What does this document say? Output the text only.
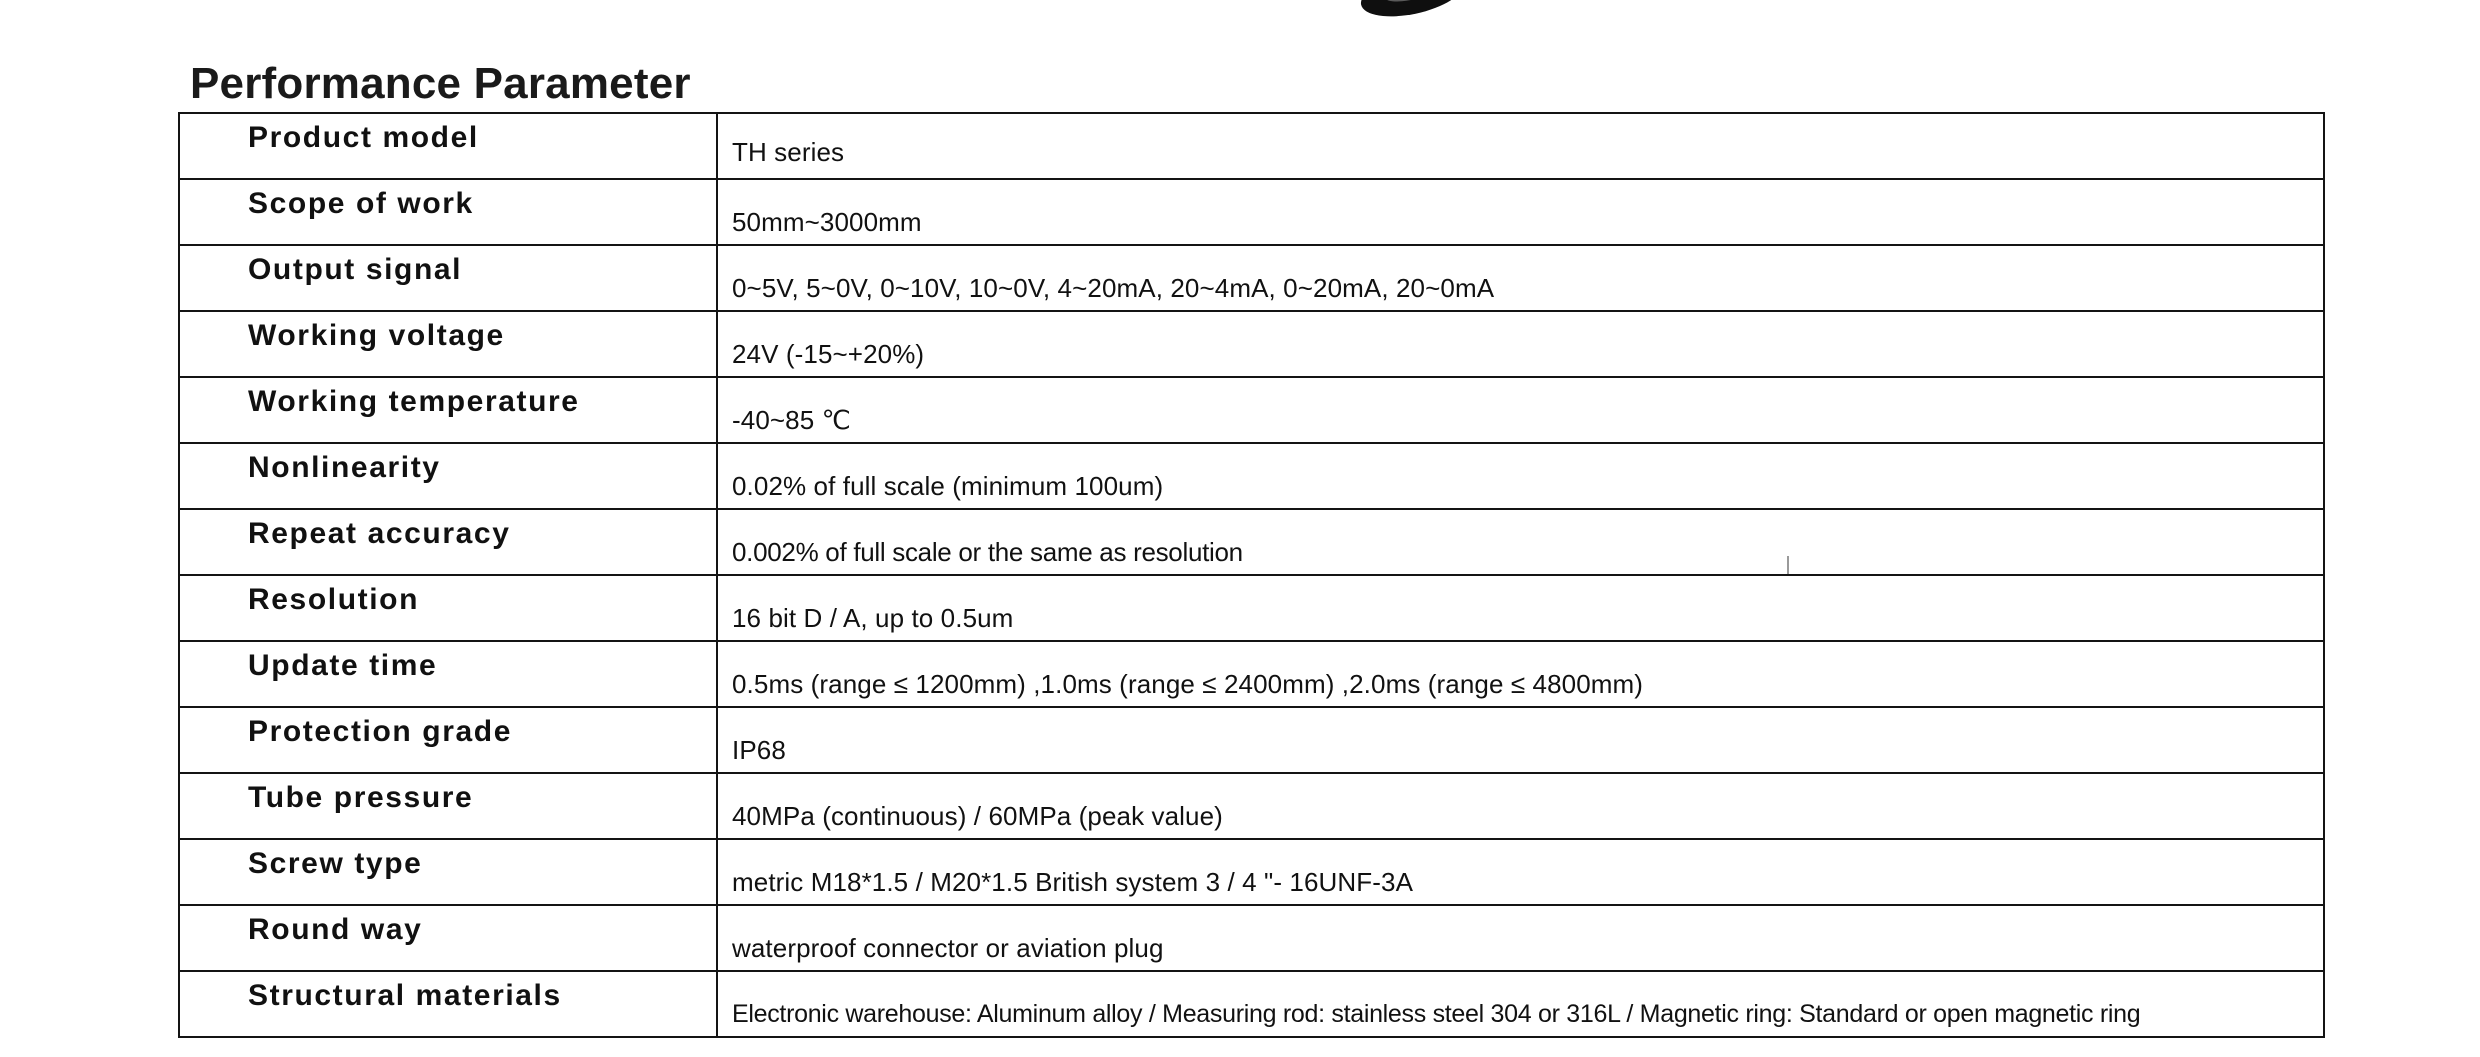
Performance Parameter
Product model	TH series

Scope of work	50mm~3000mm

Output signal	0~5V, 5~0V, 0~10V, 10~0V, 4~20mA, 20~4mA, 0~20mA, 20~0mA

Working voltage	24V (-15~+20%)

Working temperature	-40~85 ℃

Nonlinearity	0.02% of full scale (minimum 100um)

Repeat accuracy	0.002% of full scale or the same as resolution

Resolution	16 bit D / A, up to 0.5um

Update time	0.5ms (range ≤ 1200mm) ,1.0ms (range ≤ 2400mm) ,2.0ms (range ≤ 4800mm)

Protection grade	IP68

Tube pressure	40MPa (continuous) / 60MPa (peak value)

Screw type	metric M18*1.5 / M20*1.5 British system 3 / 4 "- 16UNF-3A

Round way	waterproof connector or aviation plug

Structural materials	Electronic warehouse: Aluminum alloy / Measuring rod: stainless steel 304 or 316L / Magnetic ring: Standard or open magnetic ring
